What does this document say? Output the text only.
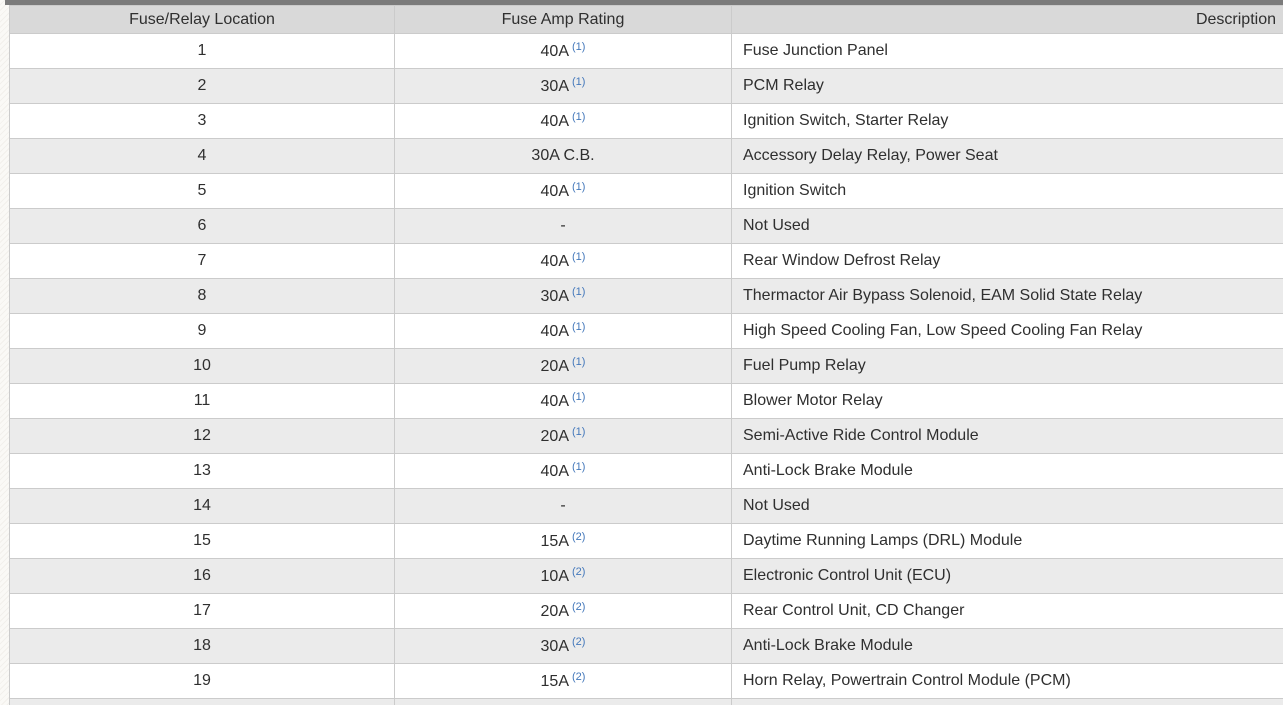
Fuse/Relay Location	Fuse Amp Rating	Description
1	40A $^{(1)}$	Fuse Junction Panel
2	30A $^{(1)}$	PCM Relay
3	40A $^{(1)}$	Ignition Switch, Starter Relay
4	30A C.B.	Accessory Delay Relay, Power Seat
5	40A $^{(1)}$	Ignition Switch
6	-	Not Used
7	40A $^{(1)}$	Rear Window Defrost Relay
8	30A $^{(1)}$	Thermactor Air Bypass Solenoid, EAM Solid State Relay
9	40A $^{(1)}$	High Speed Cooling Fan, Low Speed Cooling Fan Relay
10	20A $^{(1)}$	Fuel Pump Relay
11	40A $^{(1)}$	Blower Motor Relay
12	20A $^{(1)}$	Semi-Active Ride Control Module
13	40A $^{(1)}$	Anti-Lock Brake Module
14	-	Not Used
15	15A $^{(2)}$	Daytime Running Lamps (DRL) Module
16	10A $^{(2)}$	Electronic Control Unit (ECU)
17	20A $^{(2)}$	Rear Control Unit, CD Changer
18	30A $^{(2)}$	Anti-Lock Brake Module
19	15A $^{(2)}$	Horn Relay, Powertrain Control Module (PCM)
